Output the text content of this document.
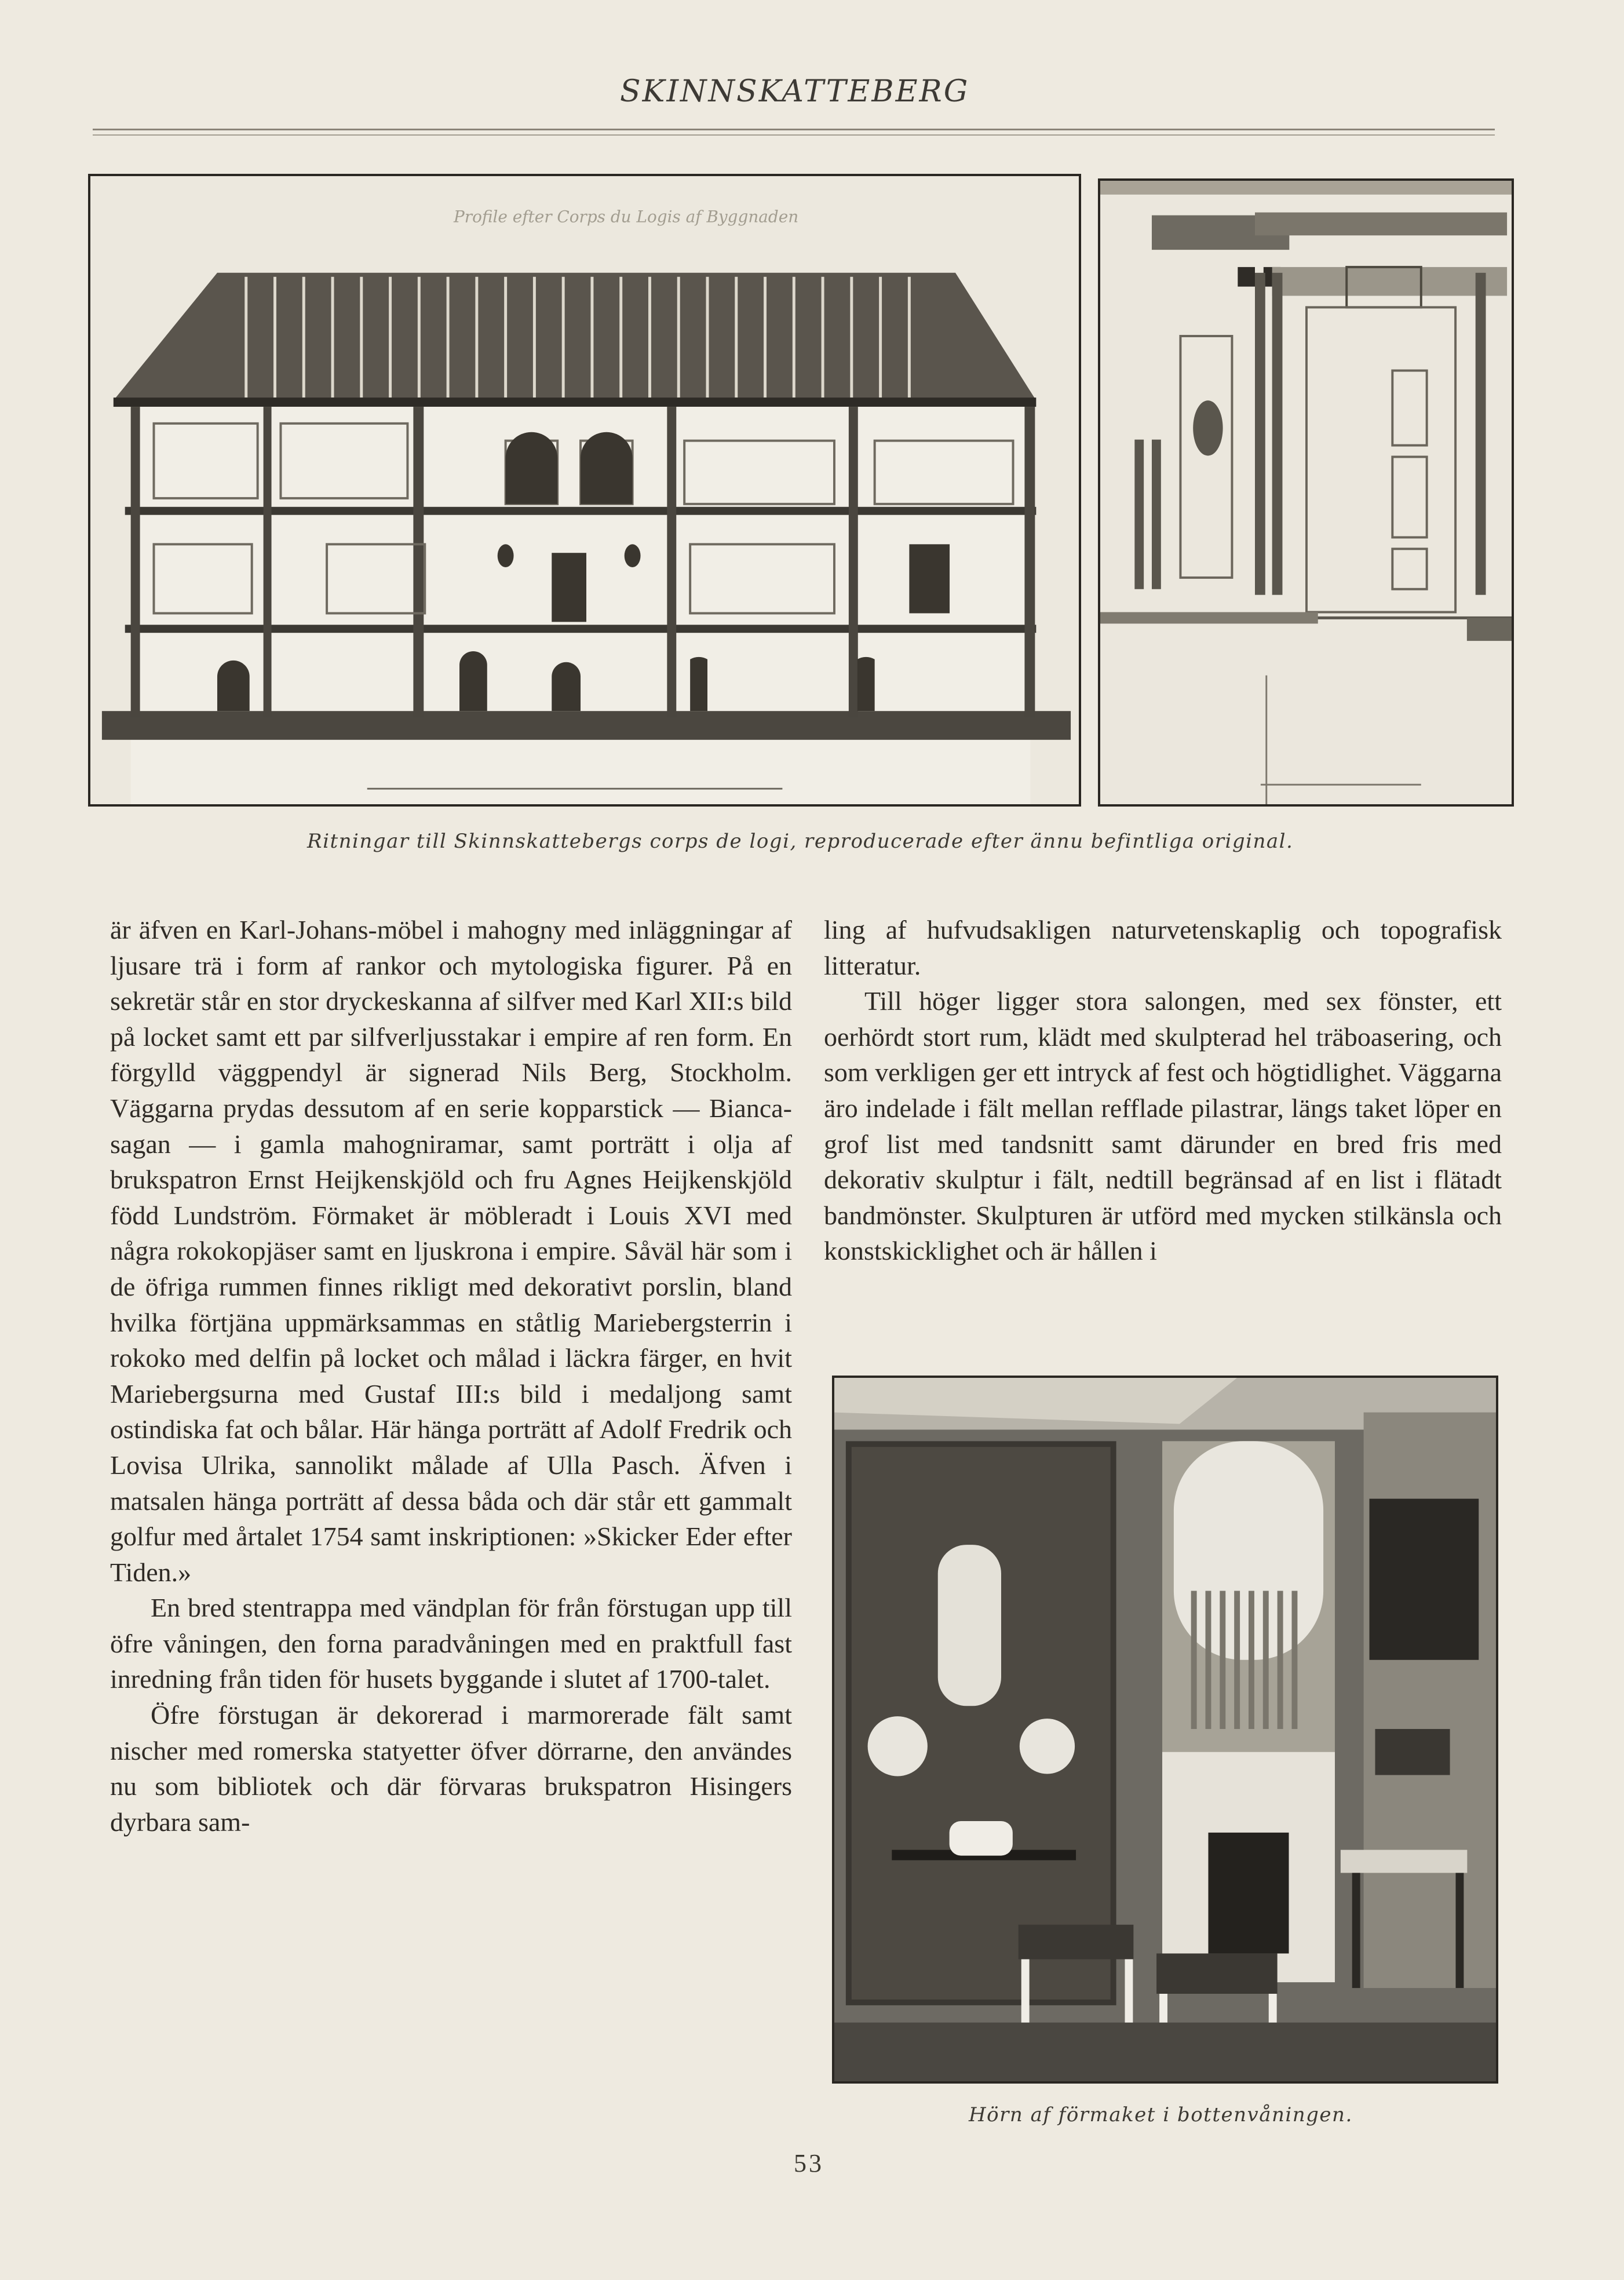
SKINNSKATTEBERG
Profile efter Corps du Logis af Byggnaden
Ritningar till Skinnskattebergs corps de logi, reproducerade efter ännu befintliga original.

är äfven en Karl-Johans-möbel i mahogny med inläggningar af ljusare trä i form af rankor och mytologiska figurer. På en sekretär står en stor dryckeskanna af silfver med Karl XII:s bild på locket samt ett par silfverljusstakar i empire af ren form. En förgylld väggpendyl är signerad Nils Berg, Stockholm. Väggarna prydas dessutom af en serie kopparstick — Bianca-sagan — i gamla mahogniramar, samt porträtt i olja af brukspatron Ernst Heijkenskjöld och fru Agnes Heijkenskjöld född Lundström. Förmaket är möbleradt i Louis XVI med några rokokopjäser samt en ljuskrona i empire. Såväl här som i de öfriga rummen finnes rikligt med dekorativt porslin, bland hvilka förtjäna uppmärksammas en ståtlig Mariebergsterrin i rokoko med delfin på locket och målad i läckra färger, en hvit Mariebergsurna med Gustaf III:s bild i medaljong samt ostindiska fat och bålar. Här hänga porträtt af Adolf Fredrik och Lovisa Ulrika, sannolikt målade af Ulla Pasch. Äfven i matsalen hänga porträtt af dessa båda och där står ett gammalt golfur med årtalet 1754 samt inskriptionen: »Skicker Eder efter Tiden.»

En bred stentrappa med vändplan för från förstugan upp till öfre våningen, den forna paradvåningen med en praktfull fast inredning från tiden för husets byggande i slutet af 1700-talet.

Öfre förstugan är dekorerad i marmorerade fält samt nischer med romerska statyetter öfver dörrarne, den användes nu som bibliotek och där förvaras brukspatron Hisingers dyrbara sam-

ling af hufvudsakligen naturvetenskaplig och topografisk litteratur.

Till höger ligger stora salongen, med sex fönster, ett oerhördt stort rum, klädt med skulpterad hel träboasering, och som verkligen ger ett intryck af fest och högtidlighet. Väggarna äro indelade i fält mellan refflade pilastrar, längs taket löper en grof list med tandsnitt samt därunder en bred fris med dekorativ skulptur i fält, nedtill begränsad af en list i flätadt bandmönster. Skulpturen är utförd med mycken stilkänsla och konstskicklighet och är hållen i

Hörn af förmaket i bottenvåningen.
53
